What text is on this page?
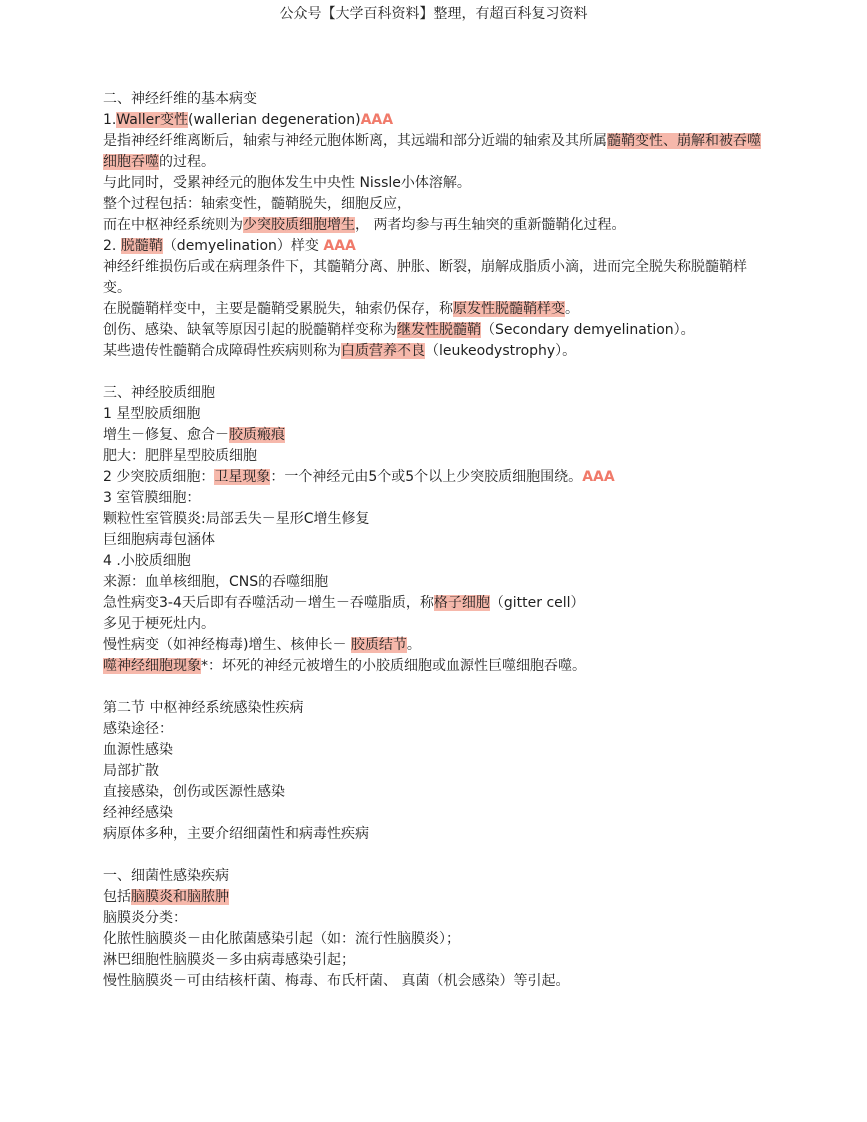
公众号【大学百科资料】整理，有超百科复习资料
二、神经纤维的基本病变
1.Waller变性(wallerian degeneration)AAA
是指神经纤维离断后，轴索与神经元胞体断离，其远端和部分近端的轴索及其所属髓鞘变性、崩解和被吞噬细胞吞噬的过程。
与此同时，受累神经元的胞体发生中央性 Nissle小体溶解。
整个过程包括：轴索变性，髓鞘脱失，细胞反应，
而在中枢神经系统则为少突胶质细胞增生， 两者均参与再生轴突的重新髓鞘化过程。
2. 脱髓鞘（demyelination）样变 AAA
神经纤维损伤后或在病理条件下，其髓鞘分离、肿胀、断裂，崩解成脂质小滴，进而完全脱失称脱髓鞘样变。
在脱髓鞘样变中，主要是髓鞘受累脱失，轴索仍保存，称原发性脱髓鞘样变。
创伤、感染、缺氧等原因引起的脱髓鞘样变称为继发性脱髓鞘（Secondary demyelination）。
某些遗传性髓鞘合成障碍性疾病则称为白质营养不良（leukeodystrophy）。
三、神经胶质细胞
1 星型胶质细胞
增生－修复、愈合－胶质瘢痕
肥大：肥胖星型胶质细胞
2 少突胶质细胞：卫星现象：一个神经元由5个或5个以上少突胶质细胞围绕。AAA
3 室管膜细胞：
颗粒性室管膜炎:局部丢失－星形C增生修复
巨细胞病毒包涵体
4 .小胶质细胞
来源：血单核细胞，CNS的吞噬细胞
急性病变3-4天后即有吞噬活动－增生－吞噬脂质，称格子细胞（gitter cell）
多见于梗死灶内。
慢性病变（如神经梅毒)增生、核伸长－ 胶质结节。
噬神经细胞现象*：坏死的神经元被增生的小胶质细胞或血源性巨噬细胞吞噬。
第二节 中枢神经系统感染性疾病
感染途径：
血源性感染
局部扩散
直接感染，创伤或医源性感染
经神经感染
病原体多种，主要介绍细菌性和病毒性疾病
一、细菌性感染疾病
包括脑膜炎和脑脓肿
脑膜炎分类：
化脓性脑膜炎－由化脓菌感染引起（如：流行性脑膜炎）；
淋巴细胞性脑膜炎－多由病毒感染引起；
慢性脑膜炎－可由结核杆菌、梅毒、布氏杆菌、 真菌（机会感染）等引起。
